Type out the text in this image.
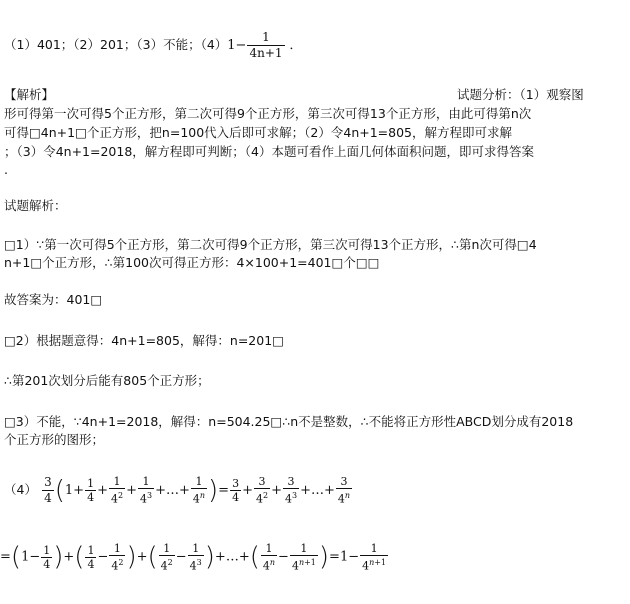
（1）401；（2）201；（3）不能；$(4)1- \frac{1}{4n+1}$ ．
【解析】	试题分析：（1）观察图
形可得第一次可得5个正方形，第二次可得9个正方形，第三次可得13个正方形，由此可得第n次
可得□4n+1□个正方形，把n=100代入后即可求解；（2）令4n+1=805，解方程即可求解
；（3）令4n+1=2018，解方程即可判断；（4）本题可看作上面几何体面积问题，即可求得答案
.
试题解析：
□1）∵第一次可得5个正方形，第二次可得9个正方形，第三次可得13个正方形，∴第n次可得□4
n+1□个正方形，∴第100次可得正方形：4×100+1=401□个□□
故答案为：401□
□2）根据题意得：4n+1=805，解得：n=201□
∴第201次划分后能有805个正方形；
□3）不能，∵4n+1=2018，解得：n=504.25□∴n不是整数，∴不能将正方形性ABCD划分成有2018
个正方形的图形；
$(4) \frac{3}{4} (1+ \frac{1}{4} + \frac{1}{4^2} + \frac{1}{4^3}$ +…+ $\frac{1}{4^n}$ )= $\frac{3}{4} + \frac{3}{4^2} + \frac{3}{4^3}$ +…+ $\frac{3}{4^n}$
$=(1- \frac{1}{4}$ )+( $\frac{1}{4} - \frac{1}{4^2}$ )+( $\frac{1}{4^2} - \frac{1}{4^3}$ )+…+( $\frac{1}{4^n} - \frac{1}{4^{n+1}} )=1- \frac{1}{4^{n+1}}$
